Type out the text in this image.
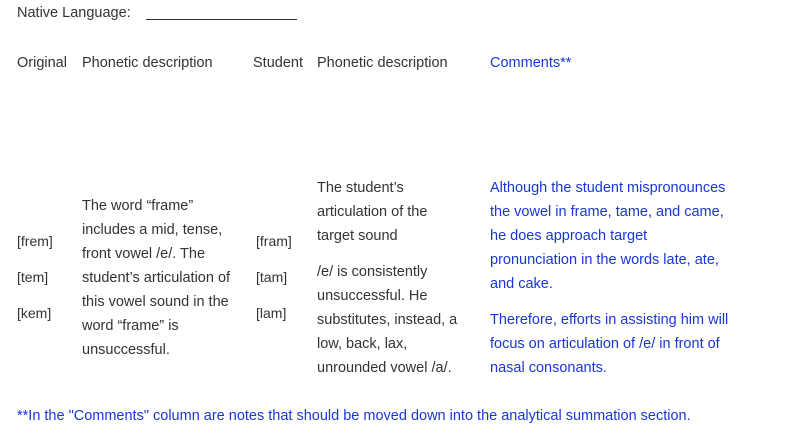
Native Language:
Original Phonetic description	Student Phonetic description	Comments**
[frem]
[tem]
[kem]
The word “frame”
includes a mid, tense,
front vowel /e/. The
student’s articulation of
this vowel sound in the
word “frame” is
unsuccessful.
[fram]
[tam]
[lam]
The student’s
articulation of the
target sound
/e/ is consistently
unsuccessful. He
substitutes, instead, a
low, back, lax,
unrounded vowel /a/.
Although the student mispronounces
the vowel in frame, tame, and came,
he does approach target
pronunciation in the words late, ate,
and cake.
Therefore, efforts in assisting him will
focus on articulation of /e/ in front of
nasal consonants.
**In the "Comments" column are notes that should be moved down into the analytical summation section.
